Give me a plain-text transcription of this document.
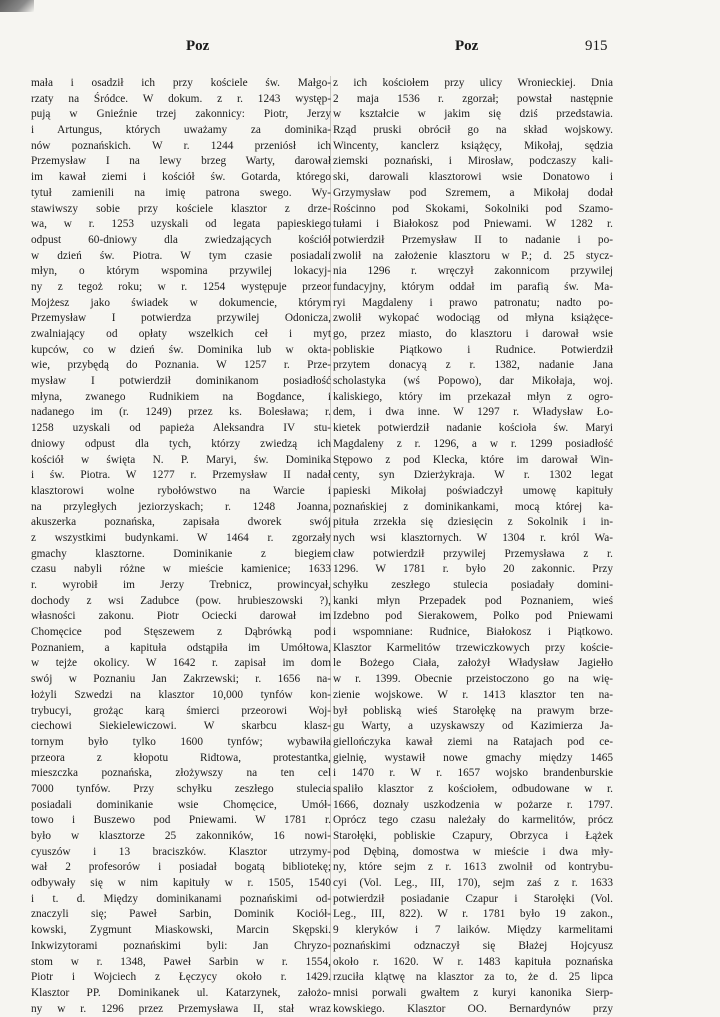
Poz	Poz	915
mała i osadził ich przy kościele św. Małgo-
rzaty na Śródce. W dokum. z r. 1243 występ-
pują w Gnieźnie trzej zakonnicy: Piotr, Jerzy
i Artungus, których uważamy za dominika-
nów poznańskich. W r. 1244 przeniósł ich
Przemysław I na lewy brzeg Warty, darował
im kawał ziemi i kościół św. Gotarda, którego
tytuł zamienili na imię patrona swego. Wy-
stawiwszy sobie przy kościele klasztor z drze-
wa, w r. 1253 uzyskali od legata papieskiego
odpust 60-dniowy dla zwiedzających kościół
w dzień św. Piotra. W tym czasie posiadali
młyn, o którym wspomina przywilej lokacyj-
ny z tegoż roku; w r. 1254 występuje przeor
Mojżesz jako świadek w dokumencie, którym
Przemysław I potwierdza przywilej Odonicza,
zwalniający od opłaty wszelkich ceł i myt
kupców, co w dzień św. Dominika lub w okta-
wie, przybędą do Poznania. W 1257 r. Prze-
mysław I potwierdził dominikanom posiadłość
młyna, zwanego Rudnikiem na Bogdance, i
nadanego im (r. 1249) przez ks. Bolesława; r.
1258 uzyskali od papieża Aleksandra IV stu-
dniowy odpust dla tych, którzy zwiedzą ich
kościół w święta N. P. Maryi, św. Dominika
i św. Piotra. W 1277 r. Przemysław II nadał
klasztorowi wolne rybołówstwo na Warcie i
na przyległych jeziorzyskach; r. 1248 Joanna,
akuszerka poznańska, zapisała dworek swój
z wszystkimi budynkami. W 1464 r. zgorzały
gmachy klasztorne. Dominikanie z biegiem
czasu nabyli różne w mieście kamienice; 1633
r. wyrobił im Jerzy Trebnicz, prowincyał,
dochody z wsi Zadubce (pow. hrubieszowski ?),
własności zakonu. Piotr Ociecki darował im
Chomęcice pod Stęszewem z Dąbrówką pod
Poznaniem, a kapituła odstąpiła im Umółtowa,
w tejże okolicy. W 1642 r. zapisał im dom
swój w Poznaniu Jan Zakrzewski; r. 1656 na-
łożyli Szwedzi na klasztor 10,000 tynfów kon-
trybucyi, grożąc karą śmierci przeorowi Woj-
ciechowi Siekielewiczowi. W skarbcu klasz-
tornym było tylko 1600 tynfów; wybawiła
przeora z kłopotu Ridtowa, protestantka,
mieszczka poznańska, złożywszy na ten cel
7000 tynfów. Przy schyłku zeszłego stulecia
posiadali dominikanie wsie Chomęcice, Umół-
towo i Buszewo pod Pniewami. W 1781 r.
było w klasztorze 25 zakonników, 16 nowi-
cyuszów i 13 braciszków. Klasztor utrzymy-
wał 2 profesorów i posiadał bogatą bibliotekę;
odbywały się w nim kapituły w r. 1505, 1540
i t. d. Między dominikanami poznańskimi od-
znaczyli się; Paweł Sarbin, Dominik Kociół-
kowski, Zygmunt Miaskowski, Marcin Skępski.
Inkwizytorami poznańskimi byli: Jan Chryzo-
stom w r. 1348, Paweł Sarbin w r. 1554,
Piotr i Wojciech z Łęczycy około r. 1429.
Klasztor PP. Dominikanek ul. Katarzynek, założo-
ny w r. 1296 przez Przemysława II, stał wraz
z ich kościołem przy ulicy Wronieckiej. Dnia
2 maja 1536 r. zgorzał; powstał następnie
w kształcie w jakim się dziś przedstawia.
Rząd pruski obrócił go na skład wojskowy.
Wincenty, kanclerz książęcy, Mikołaj, sędzia
ziemski poznański, i Mirosław, podczaszy kali-
ski, darowali klasztorowi wsie Donatowo i
Grzymysław pod Szremem, a Mikołaj dodał
Rościnno pod Skokami, Sokolniki pod Szamo-
tułami i Białokosz pod Pniewami. W 1282 r.
potwierdził Przemysław II to nadanie i po-
zwolił na założenie klasztoru w P.; d. 25 stycz-
nia 1296 r. wręczył zakonnicom przywilej
fundacyjny, którym oddał im parafią św. Ma-
ryi Magdaleny i prawo patronatu; nadto po-
zwolił wykopać wodociąg od młyna książęce-
go, przez miasto, do klasztoru i darował wsie
pobliskie Piątkowo i Rudnice. Potwierdził
przytem donacyą z r. 1382, nadanie Jana
scholastyka (wś Popowo), dar Mikołaja, woj.
kaliskiego, który im przekazał młyn z ogro-
dem, i dwa inne. W 1297 r. Władysław Ło-
kietek potwierdził nadanie kościoła św. Maryi
Magdaleny z r. 1296, a w r. 1299 posiadłość
Stępowo z pod Klecka, które im darował Win-
centy, syn Dzierżykraja. W r. 1302 legat
papieski Mikołaj poświadczył umowę kapituły
poznańskiej z dominikankami, mocą której ka-
pituła zrzekła się dziesięcin z Sokolnik i in-
nych wsi klasztornych. W 1304 r. król Wa-
cław potwierdził przywilej Przemysława z r.
1296. W 1781 r. było 20 zakonnic. Przy
schyłku zeszłego stulecia posiadały domini-
kanki młyn Przepadek pod Poznaniem, wieś
Izdebno pod Sierakowem, Polko pod Pniewami
i wspomniane: Rudnice, Białokosz i Piątkowo.
Klasztor Karmelitów trzewiczkowych przy koście-
le Bożego Ciała, założył Władysław Jagiełło
w r. 1399. Obecnie przeistoczono go na wię-
zienie wojskowe. W r. 1413 klasztor ten na-
był pobliską wieś Starołękę na prawym brze-
gu Warty, a uzyskawszy od Kazimierza Ja-
giellończyka kawał ziemi na Ratajach pod ce-
gielnię, wystawił nowe gmachy między 1465
i 1470 r. W r. 1657 wojsko brandenburskie
spaliło klasztor z kościołem, odbudowane w r.
1666, doznały uszkodzenia w pożarze r. 1797.
Oprócz tego czasu należały do karmelitów, prócz
Starołęki, pobliskie Czapury, Obrzyca i Łążek
pod Dębiną, domostwa w mieście i dwa mły-
ny, które sejm z r. 1613 zwolnił od kontrybu-
cyi (Vol. Leg., III, 170), sejm zaś z r. 1633
potwierdził posiadanie Czapur i Starołęki (Vol.
Leg., III, 822). W r. 1781 było 19 zakon.,
9 kleryków i 7 laików. Między karmelitami
poznańskimi odznaczył się Błażej Hojcyusz
około r. 1620. W r. 1483 kapituła poznańska
rzuciła klątwę na klasztor za to, że d. 25 lipca
mnisi porwali gwałtem z kuryi kanonika Sierp-
kowskiego. Klasztor OO. Bernardynów przy
